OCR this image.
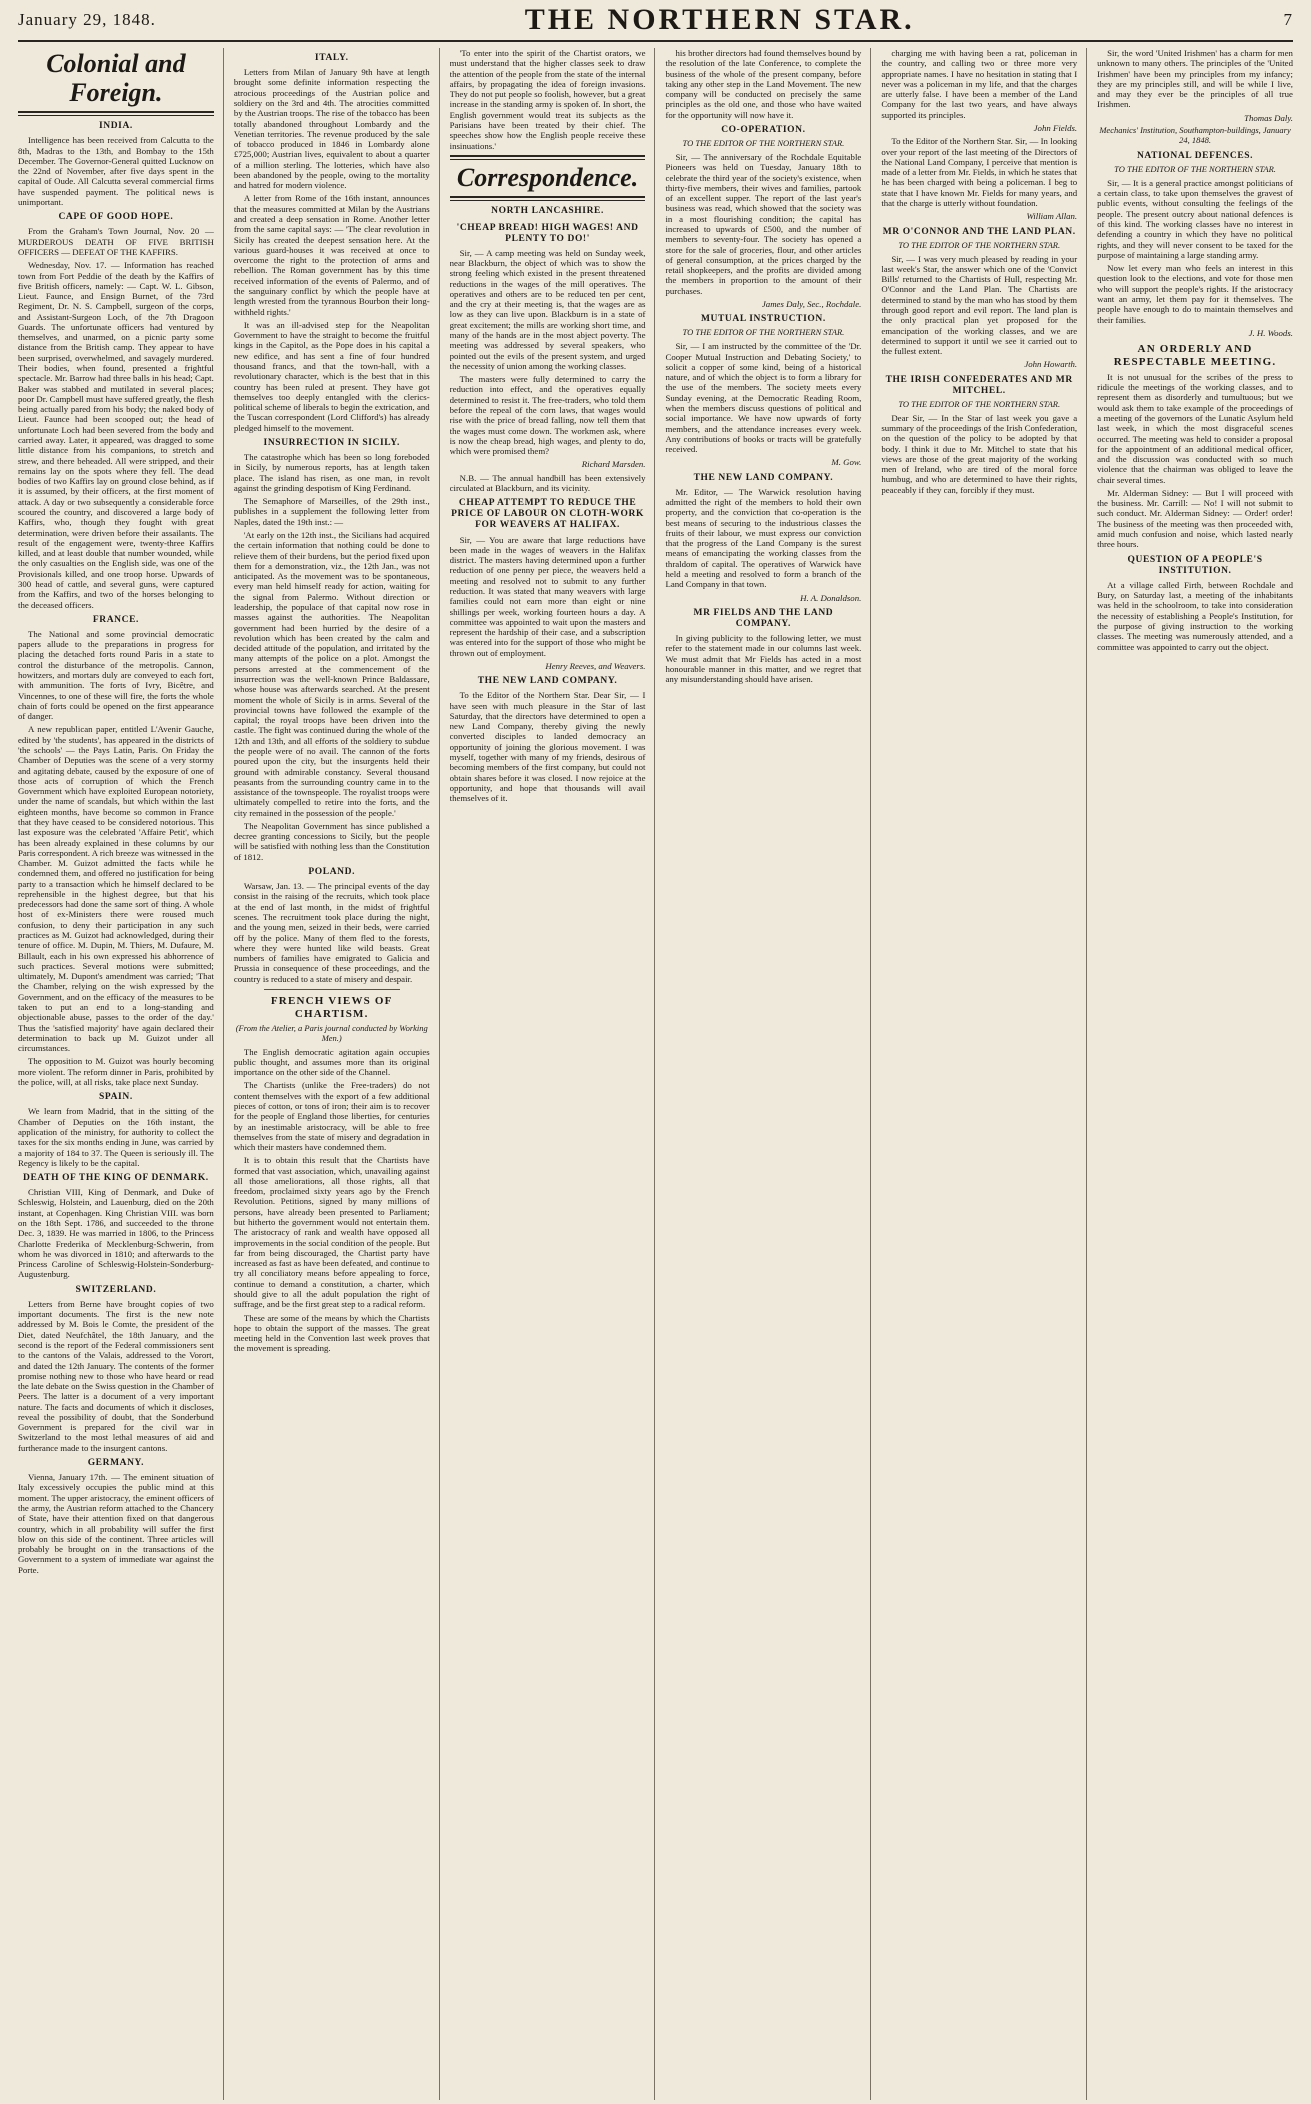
January 29, 1848.	THE NORTHERN STAR.	7
Colonial and Foreign.
INDIA.

Intelligence has been received from Calcutta to the 8th, Madras to the 13th, and Bombay to the 15th December. The Governor-General quitted Lucknow on the 22nd of November, after five days spent in the capital of Oude. All Calcutta several commercial firms have suspended payment. The political news is unimportant.

CAPE OF GOOD HOPE.

From the Graham's Town Journal, Nov. 20 — MURDEROUS DEATH OF FIVE BRITISH OFFICERS — DEFEAT OF THE KAFFIRS.

Wednesday, Nov. 17. — Information has reached town from Fort Peddie of the death by the Kaffirs of five British officers, namely: — Capt. W. L. Gibson, Lieut. Faunce, and Ensign Burnet, of the 73rd Regiment, Dr. N. S. Campbell, surgeon of the corps, and Assistant-Surgeon Loch, of the 7th Dragoon Guards. The unfortunate officers had ventured by themselves, and unarmed, on a picnic party some distance from the British camp. They appear to have been surprised, overwhelmed, and savagely murdered. Their bodies, when found, presented a frightful spectacle. Mr. Barrow had three balls in his head; Capt. Baker was stabbed and mutilated in several places; poor Dr. Campbell must have suffered greatly, the flesh being actually pared from his body; the naked body of Lieut. Faunce had been scooped out; the head of unfortunate Loch had been severed from the body and carried away. Later, it appeared, was dragged to some little distance from his companions, to stretch and strew, and there beheaded. All were stripped, and their remains lay on the spots where they fell. The dead bodies of two Kaffirs lay on ground close behind, as if it is assumed, by their officers, at the first moment of attack. A day or two subsequently a considerable force scoured the country, and discovered a large body of Kaffirs, who, though they fought with great determination, were driven before their assailants. The result of the engagement were, twenty-three Kaffirs killed, and at least double that number wounded, while the only casualties on the English side, was one of the Provisionals killed, and one troop horse. Upwards of 300 head of cattle, and several guns, were captured from the Kaffirs, and two of the horses belonging to the deceased officers.

FRANCE.

The National and some provincial democratic papers allude to the preparations in progress for placing the detached forts round Paris in a state to control the disturbance of the metropolis. Cannon, howitzers, and mortars duly are conveyed to each fort, with ammunition. The forts of Ivry, Bicêtre, and Vincennes, to one of these will fire, the forts the whole chain of forts could be opened on the first appearance of danger.

A new republican paper, entitled L'Avenir Gauche, edited by 'the students', has appeared in the districts of 'the schools' — the Pays Latin, Paris. On Friday the Chamber of Deputies was the scene of a very stormy and agitating debate, caused by the exposure of one of those acts of corruption of which the French Government which have exploited European notoriety, under the name of scandals, but which within the last eighteen months, have become so common in France that they have ceased to be considered notorious. This last exposure was the celebrated 'Affaire Petit', which has been already explained in these columns by our Paris correspondent. A rich breeze was witnessed in the Chamber. M. Guizot admitted the facts while he condemned them, and offered no justification for being party to a transaction which he himself declared to be reprehensible in the highest degree, but that his predecessors had done the same sort of thing. A whole host of ex-Ministers there were roused much confusion, to deny their participation in any such practices as M. Guizot had acknowledged, during their tenure of office. M. Dupin, M. Thiers, M. Dufaure, M. Billault, each in his own expressed his abhorrence of such practices. Several motions were submitted; ultimately, M. Dupont's amendment was carried; 'That the Chamber, relying on the wish expressed by the Government, and on the efficacy of the measures to be taken to put an end to a long-standing and objectionable abuse, passes to the order of the day.' Thus the 'satisfied majority' have again declared their determination to back up M. Guizot under all circumstances.

The opposition to M. Guizot was hourly becoming more violent. The reform dinner in Paris, prohibited by the police, will, at all risks, take place next Sunday.

SPAIN.

We learn from Madrid, that in the sitting of the Chamber of Deputies on the 16th instant, the application of the ministry, for authority to collect the taxes for the six months ending in June, was carried by a majority of 184 to 37. The Queen is seriously ill. The Regency is likely to be the capital.

DEATH OF THE KING OF DENMARK.

Christian VIII, King of Denmark, and Duke of Schleswig, Holstein, and Lauenburg, died on the 20th instant, at Copenhagen. King Christian VIII. was born on the 18th Sept. 1786, and succeeded to the throne Dec. 3, 1839. He was married in 1806, to the Princess Charlotte Frederika of Mecklenburg-Schwerin, from whom he was divorced in 1810; and afterwards to the Princess Caroline of Schleswig-Holstein-Sonderburg-Augustenburg.

SWITZERLAND.

Letters from Berne have brought copies of two important documents. The first is the new note addressed by M. Bois le Comte, the president of the Diet, dated Neufchâtel, the 18th January, and the second is the report of the Federal commissioners sent to the cantons of the Valais, addressed to the Vorort, and dated the 12th January. The contents of the former promise nothing new to those who have heard or read the late debate on the Swiss question in the Chamber of Peers. The latter is a document of a very important nature. The facts and documents of which it discloses, reveal the possibility of doubt, that the Sonderbund Government is prepared for the civil war in Switzerland to the most lethal measures of aid and furtherance made to the insurgent cantons.

GERMANY.

Vienna, January 17th. — The eminent situation of Italy excessively occupies the public mind at this moment. The upper aristocracy, the eminent officers of the army, the Austrian reform attached to the Chancery of State, have their attention fixed on that dangerous country, which in all probability will suffer the first blow on this side of the continent. Three articles will probably be brought on in the transactions of the Government to a system of immediate war against the Porte.

ITALY.

Letters from Milan of January 9th have at length brought some definite information respecting the atrocious proceedings of the Austrian police and soldiery on the 3rd and 4th. The atrocities committed by the Austrian troops. The rise of the tobacco has been totally abandoned throughout Lombardy and the Venetian territories. The revenue produced by the sale of tobacco produced in 1846 in Lombardy alone £725,000; Austrian lives, equivalent to about a quarter of a million sterling. The lotteries, which have also been abandoned by the people, owing to the mortality and hatred for modern violence.

A letter from Rome of the 16th instant, announces that the measures committed at Milan by the Austrians and created a deep sensation in Rome. Another letter from the same capital says: — 'The clear revolution in Sicily has created the deepest sensation here. At the various guard-houses it was received at once to overcome the right to the protection of arms and rebellion. The Roman government has by this time received information of the events of Palermo, and of the sanguinary conflict by which the people have at length wrested from the tyrannous Bourbon their long-withheld rights.'

It was an ill-advised step for the Neapolitan Government to have the straight to become the fruitful kings in the Capitol, as the Pope does in his capital a new edifice, and has sent a fine of four hundred thousand francs, and that the town-hall, with a revolutionary character, which is the best that in this country has been ruled at present. They have got themselves too deeply entangled with the clerics-political scheme of liberals to begin the extrication, and the Tuscan correspondent (Lord Clifford's) has already pledged himself to the movement.

INSURRECTION IN SICILY.

The catastrophe which has been so long foreboded in Sicily, by numerous reports, has at length taken place. The island has risen, as one man, in revolt against the grinding despotism of King Ferdinand.

The Semaphore of Marseilles, of the 29th inst., publishes in a supplement the following letter from Naples, dated the 19th inst.: —

'At early on the 12th inst., the Sicilians had acquired the certain information that nothing could be done to relieve them of their burdens, but the period fixed upon them for a demonstration, viz., the 12th Jan., was not anticipated. As the movement was to be spontaneous, every man held himself ready for action, waiting for the signal from Palermo. Without direction or leadership, the populace of that capital now rose in masses against the authorities. The Neapolitan government had been hurried by the desire of a revolution which has been created by the calm and decided attitude of the population, and irritated by the many attempts of the police on a plot. Amongst the persons arrested at the commencement of the insurrection was the well-known Prince Baldassare, whose house was afterwards searched. At the present moment the whole of Sicily is in arms. Several of the provincial towns have followed the example of the capital; the royal troops have been driven into the castle. The fight was continued during the whole of the 12th and 13th, and all efforts of the soldiery to subdue the people were of no avail. The cannon of the forts poured upon the city, but the insurgents held their ground with admirable constancy. Several thousand peasants from the surrounding country came in to the assistance of the townspeople. The royalist troops were ultimately compelled to retire into the forts, and the city remained in the possession of the people.'

The Neapolitan Government has since published a decree granting concessions to Sicily, but the people will be satisfied with nothing less than the Constitution of 1812.

POLAND.

Warsaw, Jan. 13. — The principal events of the day consist in the raising of the recruits, which took place at the end of last month, in the midst of frightful scenes. The recruitment took place during the night, and the young men, seized in their beds, were carried off by the police. Many of them fled to the forests, where they were hunted like wild beasts. Great numbers of families have emigrated to Galicia and Prussia in consequence of these proceedings, and the country is reduced to a state of misery and despair.

FRENCH VIEWS OF CHARTISM.
(From the Atelier, a Paris journal conducted by Working Men.)

The English democratic agitation again occupies public thought, and assumes more than its original importance on the other side of the Channel.

The Chartists (unlike the Free-traders) do not content themselves with the export of a few additional pieces of cotton, or tons of iron; their aim is to recover for the people of England those liberties, for centuries by an inestimable aristocracy, will be able to free themselves from the state of misery and degradation in which their masters have condemned them.

It is to obtain this result that the Chartists have formed that vast association, which, unavailing against all those ameliorations, all those rights, all that freedom, proclaimed sixty years ago by the French Revolution. Petitions, signed by many millions of persons, have already been presented to Parliament; but hitherto the government would not entertain them. The aristocracy of rank and wealth have opposed all improvements in the social condition of the people. But far from being discouraged, the Chartist party have increased as fast as have been defeated, and continue to try all conciliatory means before appealing to force, continue to demand a constitution, a charter, which should give to all the adult population the right of suffrage, and be the first great step to a radical reform.

These are some of the means by which the Chartists hope to obtain the support of the masses. The great meeting held in the Convention last week proves that the movement is spreading.

'To enter into the spirit of the Chartist orators, we must understand that the higher classes seek to draw the attention of the people from the state of the internal affairs, by propagating the idea of foreign invasions. They do not put people so foolish, however, but a great increase in the standing army is spoken of. In short, the English government would treat its subjects as the Parisians have been treated by their chief. The speeches show how the English people receive these insinuations.'

Correspondence.
NORTH LANCASHIRE.
'CHEAP BREAD! HIGH WAGES! AND PLENTY TO DO!'

Sir, — A camp meeting was held on Sunday week, near Blackburn, the object of which was to show the strong feeling which existed in the present threatened reductions in the wages of the mill operatives. The operatives and others are to be reduced ten per cent, and the cry at their meeting is, that the wages are as low as they can live upon. Blackburn is in a state of great excitement; the mills are working short time, and many of the hands are in the most abject poverty. The meeting was addressed by several speakers, who pointed out the evils of the present system, and urged the necessity of union among the working classes.

The masters were fully determined to carry the reduction into effect, and the operatives equally determined to resist it. The free-traders, who told them before the repeal of the corn laws, that wages would rise with the price of bread falling, now tell them that the wages must come down. The workmen ask, where is now the cheap bread, high wages, and plenty to do, which were promised them?

Richard Marsden.

N.B. — The annual handbill has been extensively circulated at Blackburn, and its vicinity.

CHEAP ATTEMPT TO REDUCE THE PRICE OF LABOUR ON CLOTH-WORK FOR WEAVERS AT HALIFAX.

Sir, — You are aware that large reductions have been made in the wages of weavers in the Halifax district. The masters having determined upon a further reduction of one penny per piece, the weavers held a meeting and resolved not to submit to any further reduction. It was stated that many weavers with large families could not earn more than eight or nine shillings per week, working fourteen hours a day. A committee was appointed to wait upon the masters and represent the hardship of their case, and a subscription was entered into for the support of those who might be thrown out of employment.

Henry Reeves, and Weavers.

THE NEW LAND COMPANY.

To the Editor of the Northern Star. Dear Sir, — I have seen with much pleasure in the Star of last Saturday, that the directors have determined to open a new Land Company, thereby giving the newly converted disciples to landed democracy an opportunity of joining the glorious movement. I was myself, together with many of my friends, desirous of becoming members of the first company, but could not obtain shares before it was closed. I now rejoice at the opportunity, and hope that thousands will avail themselves of it.

his brother directors had found themselves bound by the resolution of the late Conference, to complete the business of the whole of the present company, before taking any other step in the Land Movement. The new company will be conducted on precisely the same principles as the old one, and those who have waited for the opportunity will now have it.

CO-OPERATION.
TO THE EDITOR OF THE NORTHERN STAR.

Sir, — The anniversary of the Rochdale Equitable Pioneers was held on Tuesday, January 18th to celebrate the third year of the society's existence, when thirty-five members, their wives and families, partook of an excellent supper. The report of the last year's business was read, which showed that the society was in a most flourishing condition; the capital has increased to upwards of £500, and the number of members to seventy-four. The society has opened a store for the sale of groceries, flour, and other articles of general consumption, at the prices charged by the retail shopkeepers, and the profits are divided among the members in proportion to the amount of their purchases.

James Daly, Sec., Rochdale.

MUTUAL INSTRUCTION.
TO THE EDITOR OF THE NORTHERN STAR.

Sir, — I am instructed by the committee of the 'Dr. Cooper Mutual Instruction and Debating Society,' to solicit a copper of some kind, being of a historical nature, and of which the object is to form a library for the use of the members. The society meets every Sunday evening, at the Democratic Reading Room, when the members discuss questions of political and social importance. We have now upwards of forty members, and the attendance increases every week. Any contributions of books or tracts will be gratefully received.

M. Gow.

THE NEW LAND COMPANY.

Mr. Editor, — The Warwick resolution having admitted the right of the members to hold their own property, and the conviction that co-operation is the best means of securing to the industrious classes the fruits of their labour, we must express our conviction that the progress of the Land Company is the surest means of emancipating the working classes from the thraldom of capital. The operatives of Warwick have held a meeting and resolved to form a branch of the Land Company in that town.

H. A. Donaldson.

MR FIELDS AND THE LAND COMPANY.

In giving publicity to the following letter, we must refer to the statement made in our columns last week. We must admit that Mr Fields has acted in a most honourable manner in this matter, and we regret that any misunderstanding should have arisen.

charging me with having been a rat, policeman in the country, and calling two or three more very appropriate names. I have no hesitation in stating that I never was a policeman in my life, and that the charges are utterly false. I have been a member of the Land Company for the last two years, and have always supported its principles.

John Fields.

To the Editor of the Northern Star. Sir, — In looking over your report of the last meeting of the Directors of the National Land Company, I perceive that mention is made of a letter from Mr. Fields, in which he states that he has been charged with being a policeman. I beg to state that I have known Mr. Fields for many years, and that the charge is utterly without foundation.

William Allan.

MR O'CONNOR AND THE LAND PLAN.
TO THE EDITOR OF THE NORTHERN STAR.

Sir, — I was very much pleased by reading in your last week's Star, the answer which one of the 'Convict Bills' returned to the Chartists of Hull, respecting Mr. O'Connor and the Land Plan. The Chartists are determined to stand by the man who has stood by them through good report and evil report. The land plan is the only practical plan yet proposed for the emancipation of the working classes, and we are determined to support it until we see it carried out to the fullest extent.

John Howarth.

THE IRISH CONFEDERATES AND MR MITCHEL.
TO THE EDITOR OF THE NORTHERN STAR.

Dear Sir, — In the Star of last week you gave a summary of the proceedings of the Irish Confederation, on the question of the policy to be adopted by that body. I think it due to Mr. Mitchel to state that his views are those of the great majority of the working men of Ireland, who are tired of the moral force humbug, and who are determined to have their rights, peaceably if they can, forcibly if they must.

Sir, the word 'United Irishmen' has a charm for men unknown to many others. The principles of the 'United Irishmen' have been my principles from my infancy; they are my principles still, and will be while I live, and may they ever be the principles of all true Irishmen.

Thomas Daly.

Mechanics' Institution, Southampton-buildings, January 24, 1848.
NATIONAL DEFENCES.
TO THE EDITOR OF THE NORTHERN STAR.

Sir, — It is a general practice amongst politicians of a certain class, to take upon themselves the gravest of public events, without consulting the feelings of the people. The present outcry about national defences is of this kind. The working classes have no interest in defending a country in which they have no political rights, and they will never consent to be taxed for the purpose of maintaining a large standing army.

Now let every man who feels an interest in this question look to the elections, and vote for those men who will support the people's rights. If the aristocracy want an army, let them pay for it themselves. The people have enough to do to maintain themselves and their families.

J. H. Woods.

AN ORDERLY AND RESPECTABLE MEETING.

It is not unusual for the scribes of the press to ridicule the meetings of the working classes, and to represent them as disorderly and tumultuous; but we would ask them to take example of the proceedings of a meeting of the governors of the Lunatic Asylum held last week, in which the most disgraceful scenes occurred. The meeting was held to consider a proposal for the appointment of an additional medical officer, and the discussion was conducted with so much violence that the chairman was obliged to leave the chair several times.

Mr. Alderman Sidney: — But I will proceed with the business. Mr. Carrill: — No! I will not submit to such conduct. Mr. Alderman Sidney: — Order! order! The business of the meeting was then proceeded with, amid much confusion and noise, which lasted nearly three hours.

QUESTION OF A PEOPLE'S INSTITUTION.

At a village called Firth, between Rochdale and Bury, on Saturday last, a meeting of the inhabitants was held in the schoolroom, to take into consideration the necessity of establishing a People's Institution, for the purpose of giving instruction to the working classes. The meeting was numerously attended, and a committee was appointed to carry out the object.
